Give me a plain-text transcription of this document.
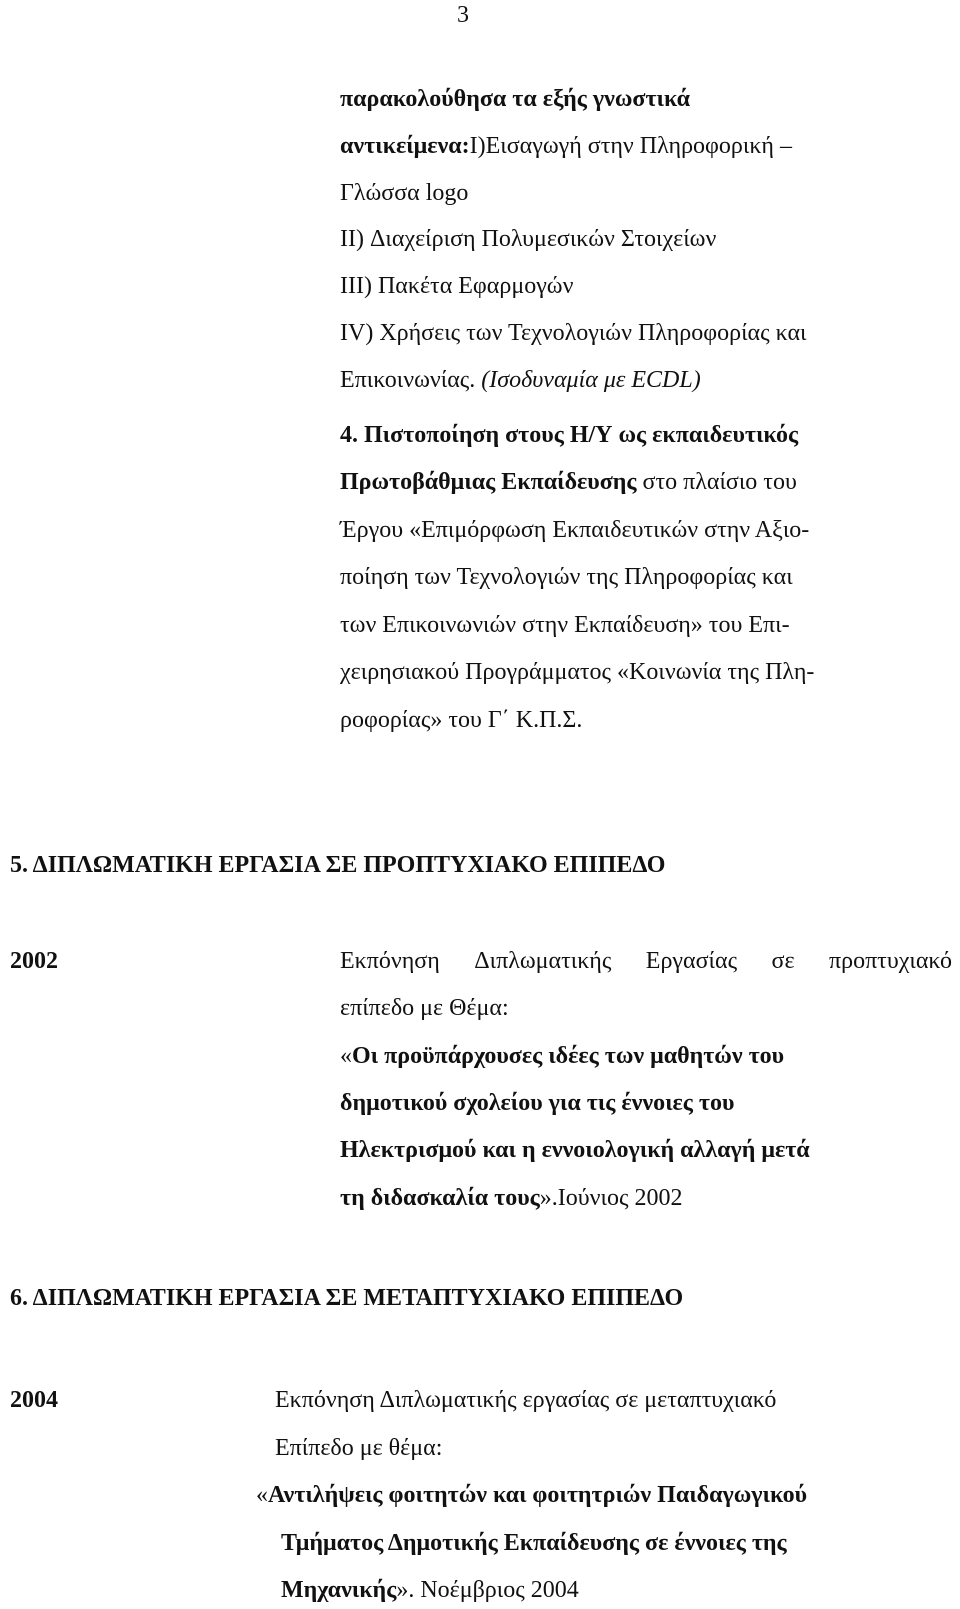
3
παρακολούθησα τα εξής γνωστικά
αντικείμενα:I)Εισαγωγή στην Πληροφορική –
Γλώσσα logo
II) Διαχείριση Πολυμεσικών Στοιχείων
III) Πακέτα Εφαρμογών
IV) Χρήσεις των Τεχνολογιών Πληροφορίας και
Επικοινωνίας. (Ισοδυναμία με ECDL)
4. Πιστοποίηση στους Η/Υ ως εκπαιδευτικός
Πρωτοβάθμιας Εκπαίδευσης στο πλαίσιο του
Έργου «Επιμόρφωση Εκπαιδευτικών στην Αξιο-
ποίηση των Τεχνολογιών της Πληροφορίας και
των Επικοινωνιών στην Εκπαίδευση» του Επι-
χειρησιακού Προγράμματος «Κοινωνία της Πλη-
ροφορίας» του Γ΄ Κ.Π.Σ.
5. ΔΙΠΛΩΜΑΤΙΚΗ ΕΡΓΑΣΙΑ ΣΕ ΠΡΟΠΤΥΧΙΑΚΟ ΕΠΙΠΕΔΟ
2002	Εκπόνηση Διπλωματικής Εργασίας σε προπτυχιακό
επίπεδο με Θέμα:
«Οι προϋπάρχουσες ιδέες των μαθητών του
δημοτικού σχολείου για τις έννοιες του
Ηλεκτρισμού και η εννοιολογική αλλαγή μετά
τη διδασκαλία τους».Ιούνιος 2002
6. ΔΙΠΛΩΜΑΤΙΚΗ ΕΡΓΑΣΙΑ ΣΕ ΜΕΤΑΠΤΥΧΙΑΚΟ ΕΠΙΠΕΔΟ
2004	Εκπόνηση Διπλωματικής εργασίας σε μεταπτυχιακό
Επίπεδο με θέμα:
«Αντιλήψεις φοιτητών και φοιτητριών Παιδαγωγικού
Τμήματος Δημοτικής Εκπαίδευσης σε έννοιες της
Μηχανικής». Νοέμβριος 2004
